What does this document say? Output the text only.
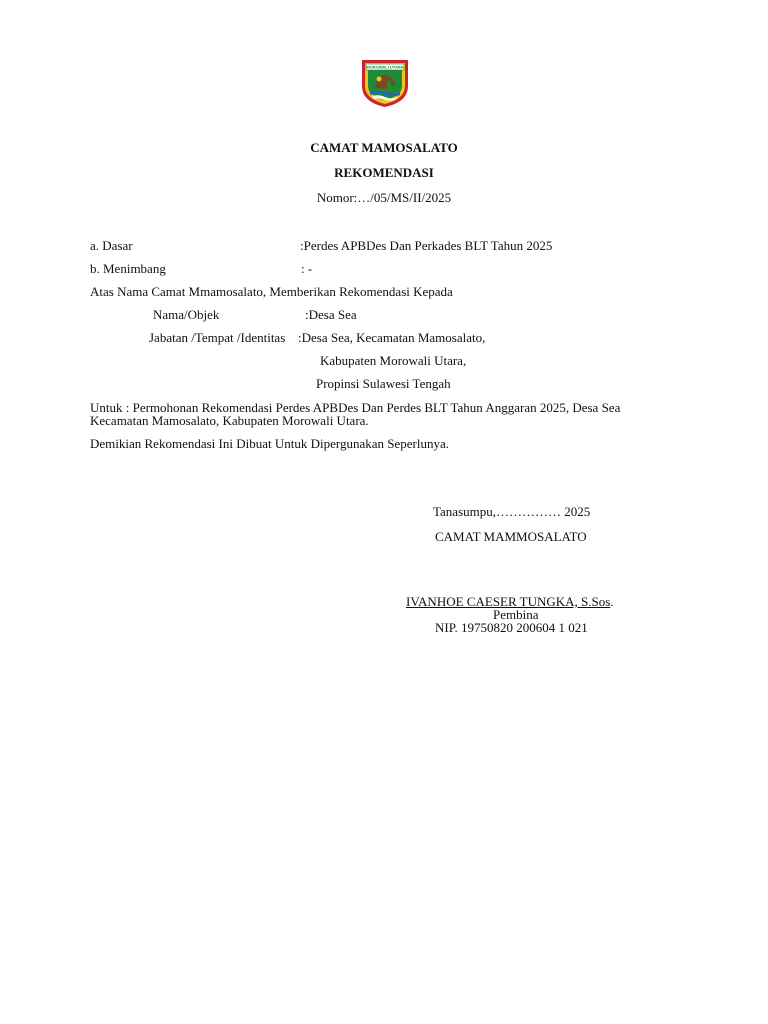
MOROWALI UTARA
CAMAT MAMOSALATO
REKOMENDASI
Nomor:…/05/MS/II/2025
a. Dasar	:Perdes APBDes Dan Perkades BLT Tahun 2025
b. Menimbang	: -
Atas Nama Camat Mmamosalato, Memberikan Rekomendasi Kepada
Nama/Objek	:Desa Sea
Jabatan /Tempat /Identitas :Desa Sea, Kecamatan Mamosalato,
Kabupaten Morowali Utara,
Propinsi Sulawesi Tengah
Untuk : Permohonan Rekomendasi Perdes APBDes Dan Perdes BLT Tahun Anggaran 2025, Desa Sea
Kecamatan Mamosalato, Kabupaten Morowali Utara.
Demikian Rekomendasi Ini Dibuat Untuk Dipergunakan Seperlunya.
Tanasumpu,…………… 2025
CAMAT MAMMOSALATO
IVANHOE CAESER TUNGKA, S.Sos.
Pembina
NIP. 19750820 200604 1 021
